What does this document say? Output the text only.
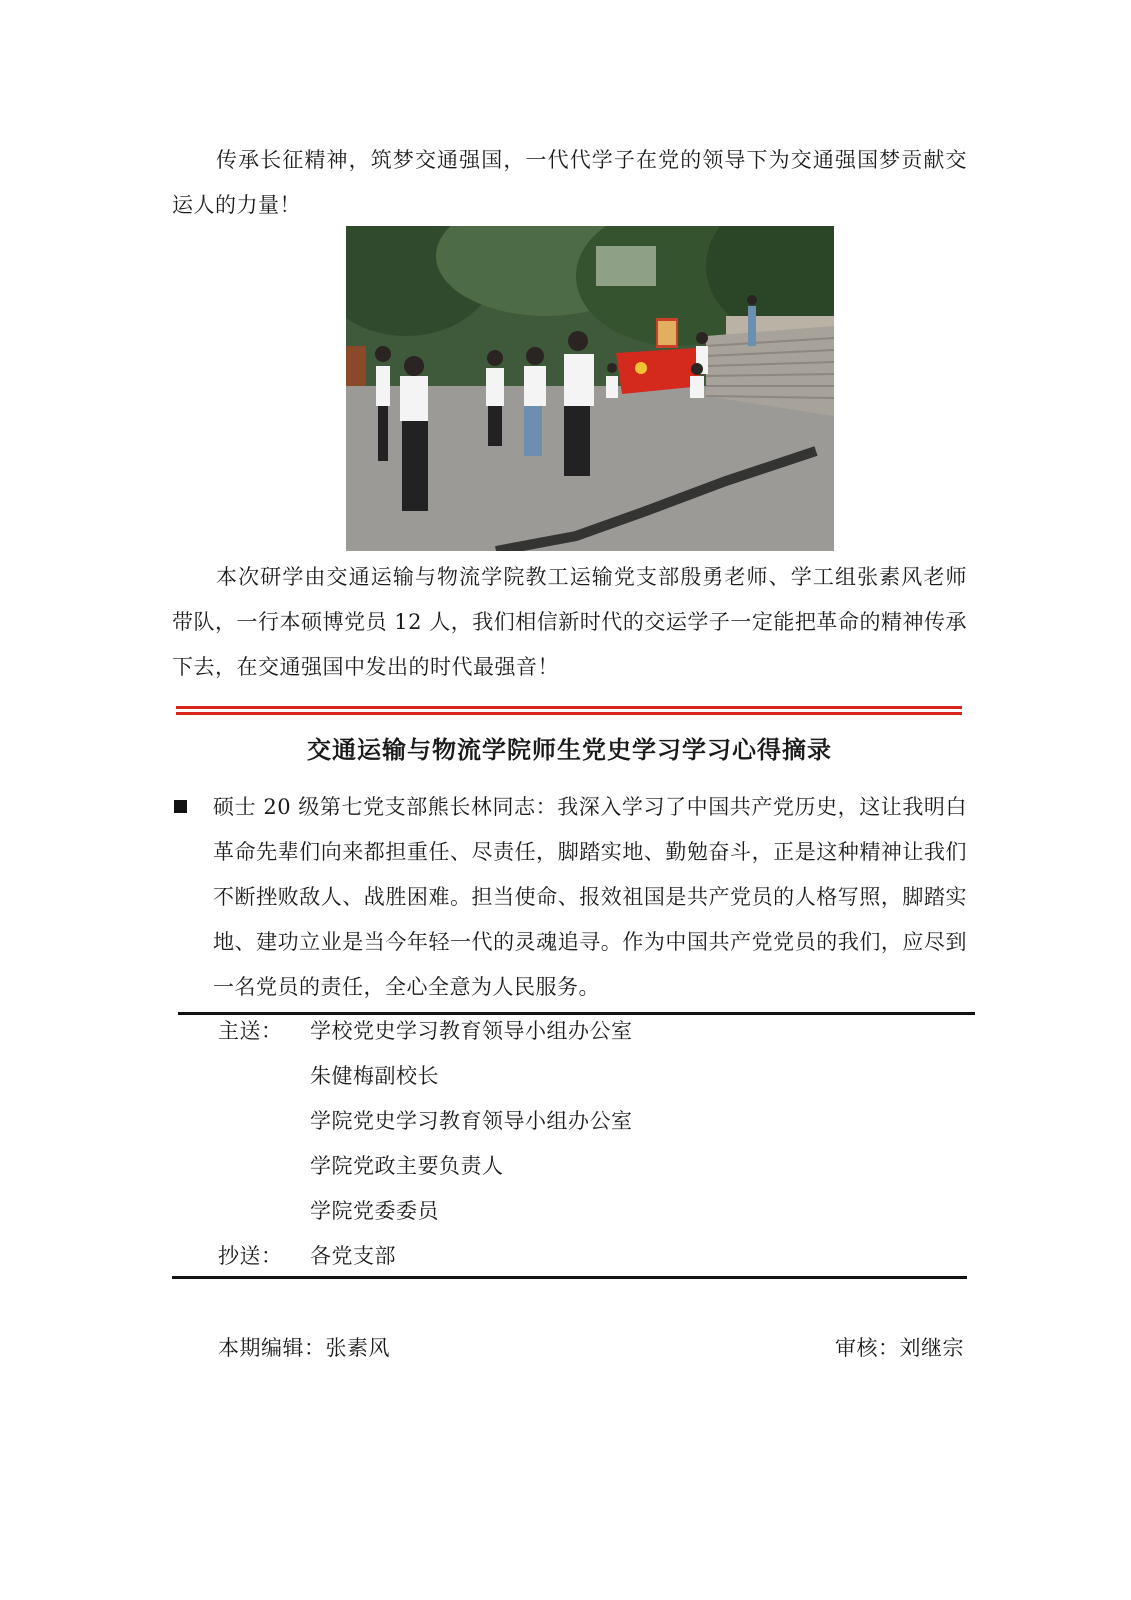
传承长征精神，筑梦交通强国，一代代学子在党的领导下为交通强国梦贡献交运人的力量！

本次研学由交通运输与物流学院教工运输党支部殷勇老师、学工组张素风老师带队，一行本硕博党员 12 人，我们相信新时代的交运学子一定能把革命的精神传承下去，在交通强国中发出的时代最强音！

交通运输与物流学院师生党史学习学习心得摘录

硕士 20 级第七党支部熊长林同志：我深入学习了中国共产党历史，这让我明白革命先辈们向来都担重任、尽责任，脚踏实地、勤勉奋斗，正是这种精神让我们不断挫败敌人、战胜困难。担当使命、报效祖国是共产党员的人格写照，脚踏实地、建功立业是当今年轻一代的灵魂追寻。作为中国共产党党员的我们，应尽到一名党员的责任，全心全意为人民服务。

主送： 学校党史学习教育领导小组办公室
朱健梅副校长
学院党史学习教育领导小组办公室
学院党政主要负责人
学院党委委员
抄送： 各党支部
本期编辑：张素风	审核：刘继宗
